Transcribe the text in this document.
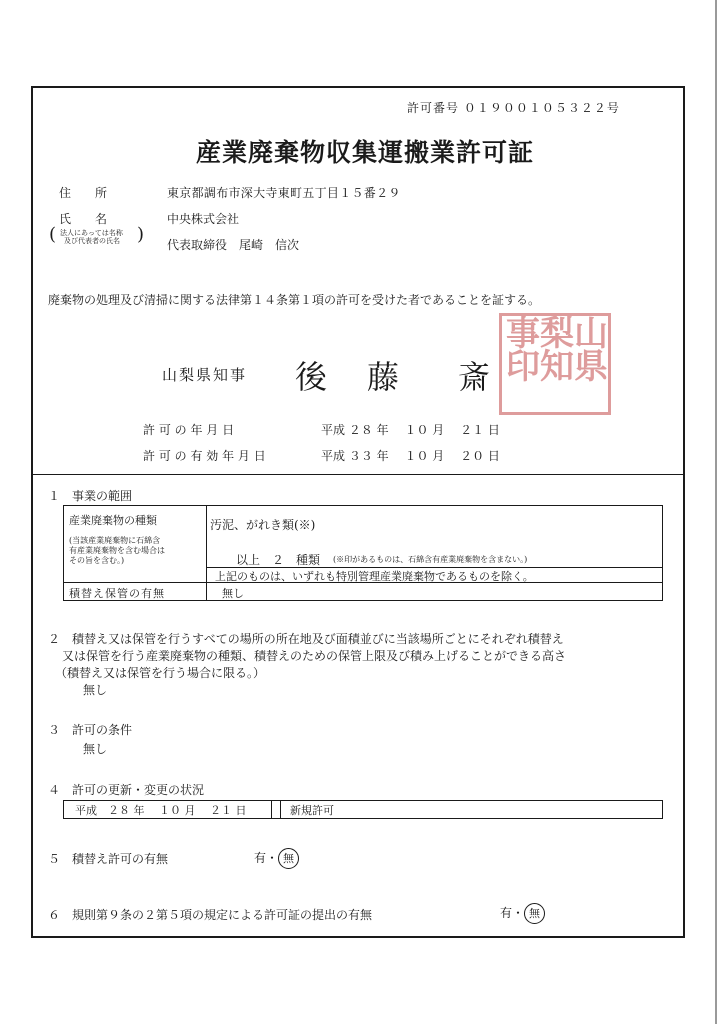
許可番号 ０１９００１０５３２２号
産業廃棄物収集運搬業許可証
住　　所	東京都調布市深大寺東町五丁目１５番２９
氏　　名	中央株式会社
( 法人にあっては名称
及び代表者の氏名 ) 代表取締役　尾崎　信次
廃棄物の処理及び清掃に関する法律第１４条第１項の許可を受けた者であることを証する。
山梨県知事 後 藤 斎
山
県
梨
知
事
印
許 可 の 年 月 日	平成 ２８ 年　 １０ 月　 ２１ 日
許 可 の 有 効 年 月 日	平成 ３３ 年　 １０ 月　 ２０ 日
１　事業の範囲
産業廃棄物の種類
(当該産業廃棄物に石綿含
有産業廃棄物を含む場合は
その旨を含む。)
汚泥、がれき類(※)
以上　２　種類 (※印があるものは、石綿含有産業廃棄物を含まない。)
上記のものは、いずれも特別管理産業廃棄物であるものを除く。
積替え保管の有無	無し
２　積替え又は保管を行うすべての場所の所在地及び面積並びに当該場所ごとにそれぞれ積替え
又は保管を行う産業廃棄物の種類、積替えのための保管上限及び積み上げることができる高さ
（積替え又は保管を行う場合に限る。）
無し
３　許可の条件
無し
４　許可の更新・変更の状況
平成　２８ 年　 １０ 月　 ２１ 日	新規許可
５　積替え許可の有無	有・ 無
６　規則第９条の２第５項の規定による許可証の提出の有無	有・ 無
